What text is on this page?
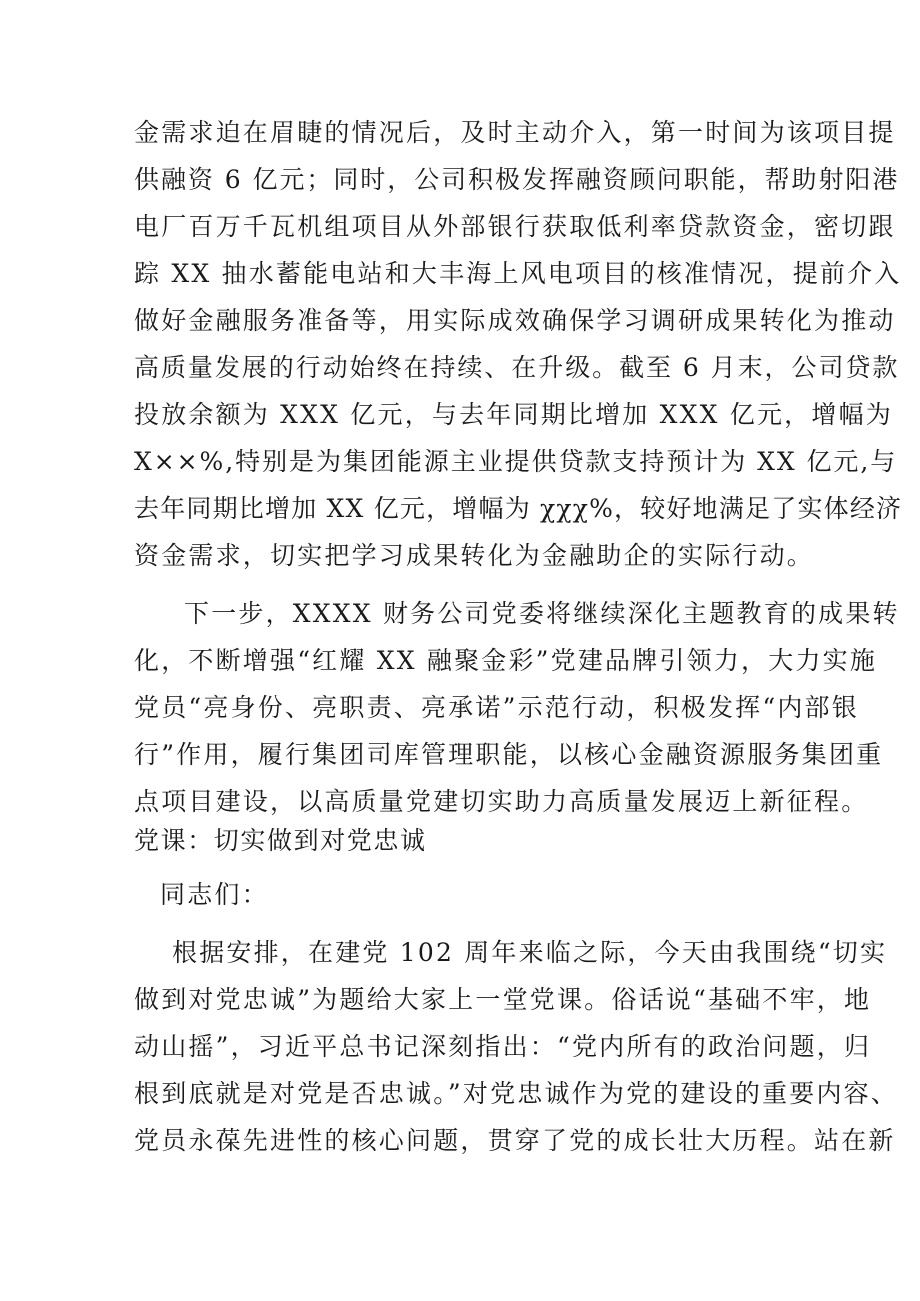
金需求迫在眉睫的情况后，及时主动介入，第一时间为该项目提
供融资 6 亿元；同时，公司积极发挥融资顾问职能，帮助射阳港
电厂百万千瓦机组项目从外部银行获取低利率贷款资金，密切跟
踪 XX 抽水蓄能电站和大丰海上风电项目的核准情况，提前介入
做好金融服务准备等，用实际成效确保学习调研成果转化为推动
高质量发展的行动始终在持续、在升级。截至 6 月末，公司贷款
投放余额为 XXX 亿元，与去年同期比增加 XXX 亿元，增幅为
X××%,特别是为集团能源主业提供贷款支持预计为 XX 亿元,与
去年同期比增加 XX 亿元，增幅为 χχχ%，较好地满足了实体经济
资金需求，切实把学习成果转化为金融助企的实际行动。
下一步，XXXX 财务公司党委将继续深化主题教育的成果转
化，不断增强“红耀 XX 融聚金彩”党建品牌引领力，大力实施
党员“亮身份、亮职责、亮承诺”示范行动，积极发挥“内部银
行”作用，履行集团司库管理职能，以核心金融资源服务集团重
点项目建设，以高质量党建切实助力高质量发展迈上新征程。
党课：切实做到对党忠诚
同志们：
根据安排，在建党 102 周年来临之际，今天由我围绕“切实
做到对党忠诚”为题给大家上一堂党课。俗话说“基础不牢，地
动山摇”，习近平总书记深刻指出：“党内所有的政治问题，归
根到底就是对党是否忠诚。”对党忠诚作为党的建设的重要内容、
党员永葆先进性的核心问题，贯穿了党的成长壮大历程。站在新
